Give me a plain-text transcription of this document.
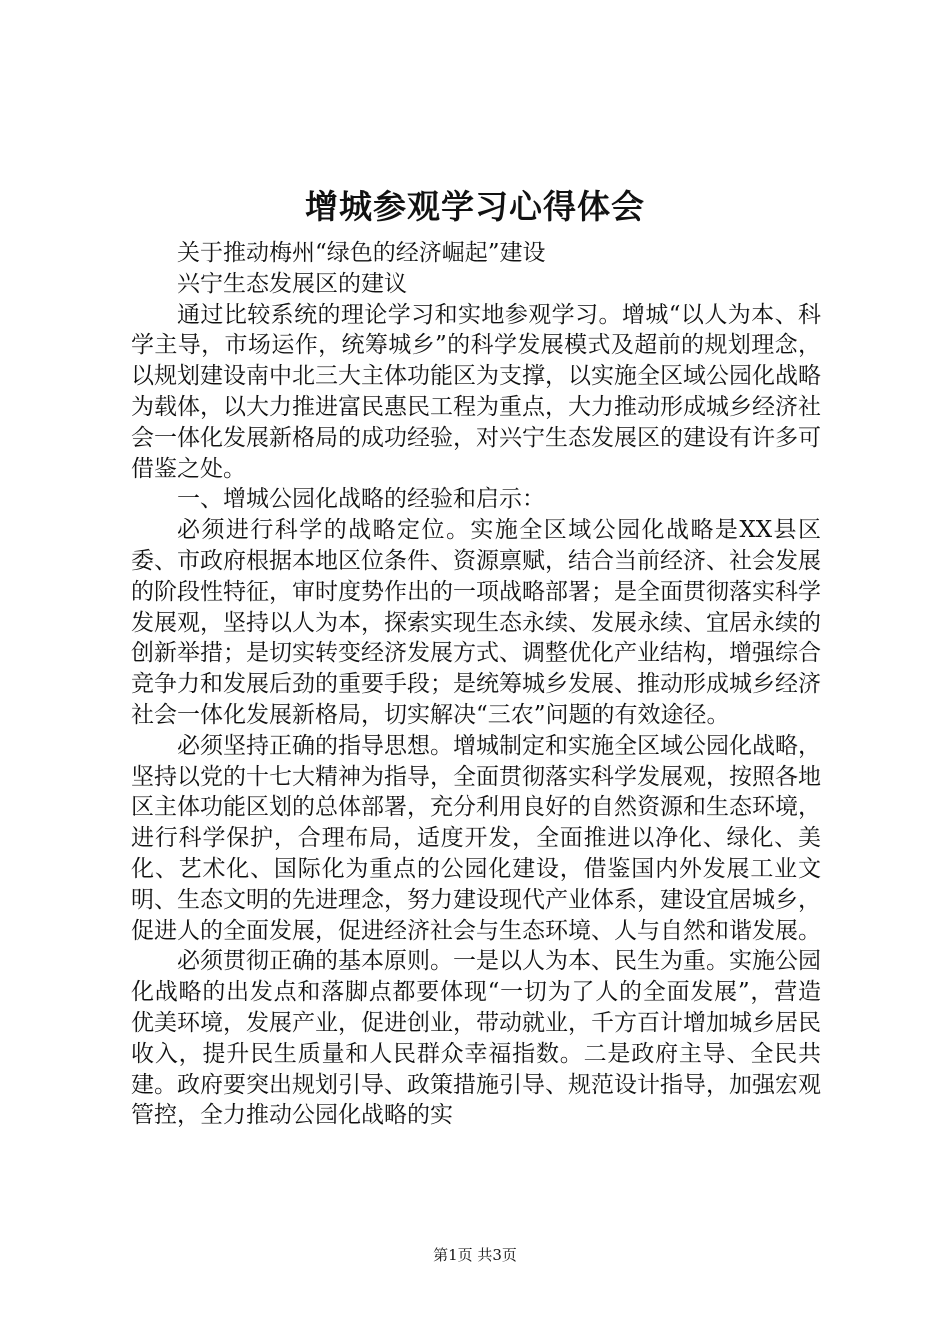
增城参观学习心得体会

关于推动梅州“绿色的经济崛起”建设

兴宁生态发展区的建议

通过比较系统的理论学习和实地参观学习。增城“以人为本、科学主导，市场运作，统筹城乡”的科学发展模式及超前的规划理念，以规划建设南中北三大主体功能区为支撑，以实施全区域公园化战略为载体，以大力推进富民惠民工程为重点，大力推动形成城乡经济社会一体化发展新格局的成功经验，对兴宁生态发展区的建设有许多可借鉴之处。

一、增城公园化战略的经验和启示：

必须进行科学的战略定位。实施全区域公园化战略是XX县区委、市政府根据本地区位条件、资源禀赋，结合当前经济、社会发展的阶段性特征，审时度势作出的一项战略部署；是全面贯彻落实科学发展观，坚持以人为本，探索实现生态永续、发展永续、宜居永续的创新举措；是切实转变经济发展方式、调整优化产业结构，增强综合竞争力和发展后劲的重要手段；是统筹城乡发展、推动形成城乡经济社会一体化发展新格局，切实解决“三农”问题的有效途径。

必须坚持正确的指导思想。增城制定和实施全区域公园化战略，坚持以党的十七大精神为指导，全面贯彻落实科学发展观，按照各地区主体功能区划的总体部署，充分利用良好的自然资源和生态环境，进行科学保护，合理布局，适度开发，全面推进以净化、绿化、美化、艺术化、国际化为重点的公园化建设，借鉴国内外发展工业文明、生态文明的先进理念，努力建设现代产业体系，建设宜居城乡，促进人的全面发展，促进经济社会与生态环境、人与自然和谐发展。

必须贯彻正确的基本原则。一是以人为本、民生为重。实施公园化战略的出发点和落脚点都要体现“一切为了人的全面发展”，营造优美环境，发展产业，促进创业，带动就业，千方百计增加城乡居民收入，提升民生质量和人民群众幸福指数。二是政府主导、全民共建。政府要突出规划引导、政策措施引导、规范设计指导，加强宏观管控，全力推动公园化战略的实

第1页 共3页
